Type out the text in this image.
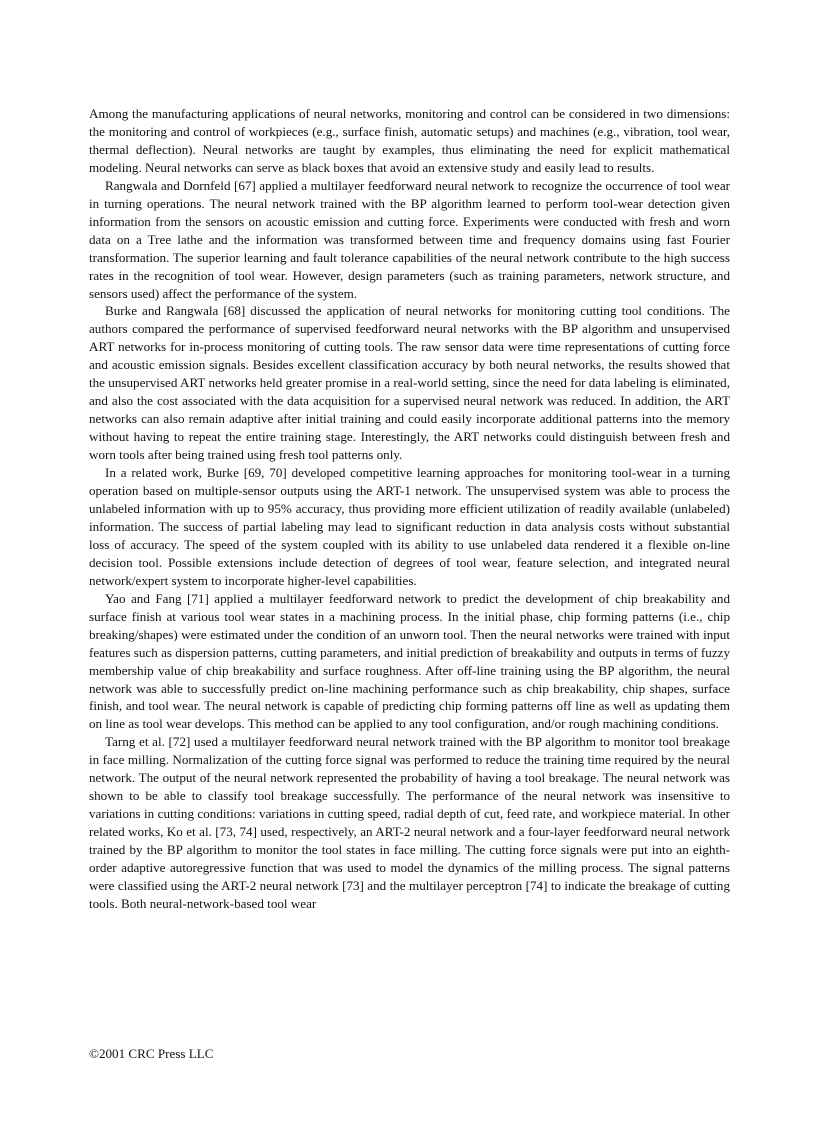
Among the manufacturing applications of neural networks, monitoring and control can be considered in two dimensions: the monitoring and control of workpieces (e.g., surface finish, automatic setups) and machines (e.g., vibration, tool wear, thermal deflection). Neural networks are taught by examples, thus eliminating the need for explicit mathematical modeling. Neural networks can serve as black boxes that avoid an extensive study and easily lead to results.

Rangwala and Dornfeld [67] applied a multilayer feedforward neural network to recognize the occurrence of tool wear in turning operations. The neural network trained with the BP algorithm learned to perform tool-wear detection given information from the sensors on acoustic emission and cutting force. Experiments were conducted with fresh and worn data on a Tree lathe and the information was transformed between time and frequency domains using fast Fourier transformation. The superior learning and fault tolerance capabilities of the neural network contribute to the high success rates in the recognition of tool wear. However, design parameters (such as training parameters, network structure, and sensors used) affect the performance of the system.

Burke and Rangwala [68] discussed the application of neural networks for monitoring cutting tool conditions. The authors compared the performance of supervised feedforward neural networks with the BP algorithm and unsupervised ART networks for in-process monitoring of cutting tools. The raw sensor data were time representations of cutting force and acoustic emission signals. Besides excellent classification accuracy by both neural networks, the results showed that the unsupervised ART networks held greater promise in a real-world setting, since the need for data labeling is eliminated, and also the cost associated with the data acquisition for a supervised neural network was reduced. In addition, the ART networks can also remain adaptive after initial training and could easily incorporate additional patterns into the memory without having to repeat the entire training stage. Interestingly, the ART networks could distinguish between fresh and worn tools after being trained using fresh tool patterns only.

In a related work, Burke [69, 70] developed competitive learning approaches for monitoring tool-wear in a turning operation based on multiple-sensor outputs using the ART-1 network. The unsupervised system was able to process the unlabeled information with up to 95% accuracy, thus providing more efficient utilization of readily available (unlabeled) information. The success of partial labeling may lead to significant reduction in data analysis costs without substantial loss of accuracy. The speed of the system coupled with its ability to use unlabeled data rendered it a flexible on-line decision tool. Possible extensions include detection of degrees of tool wear, feature selection, and integrated neural network/expert system to incorporate higher-level capabilities.

Yao and Fang [71] applied a multilayer feedforward network to predict the development of chip breakability and surface finish at various tool wear states in a machining process. In the initial phase, chip forming patterns (i.e., chip breaking/shapes) were estimated under the condition of an unworn tool. Then the neural networks were trained with input features such as dispersion patterns, cutting parameters, and initial prediction of breakability and outputs in terms of fuzzy membership value of chip breakability and surface roughness. After off-line training using the BP algorithm, the neural network was able to successfully predict on-line machining performance such as chip breakability, chip shapes, surface finish, and tool wear. The neural network is capable of predicting chip forming patterns off line as well as updating them on line as tool wear develops. This method can be applied to any tool configuration, and/or rough machining conditions.

Tarng et al. [72] used a multilayer feedforward neural network trained with the BP algorithm to monitor tool breakage in face milling. Normalization of the cutting force signal was performed to reduce the training time required by the neural network. The output of the neural network represented the probability of having a tool breakage. The neural network was shown to be able to classify tool breakage successfully. The performance of the neural network was insensitive to variations in cutting conditions: variations in cutting speed, radial depth of cut, feed rate, and workpiece material. In other related works, Ko et al. [73, 74] used, respectively, an ART-2 neural network and a four-layer feedforward neural network trained by the BP algorithm to monitor the tool states in face milling. The cutting force signals were put into an eighth-order adaptive autoregressive function that was used to model the dynamics of the milling process. The signal patterns were classified using the ART-2 neural network [73] and the multilayer perceptron [74] to indicate the breakage of cutting tools. Both neural-network-based tool wear

©2001 CRC Press LLC
